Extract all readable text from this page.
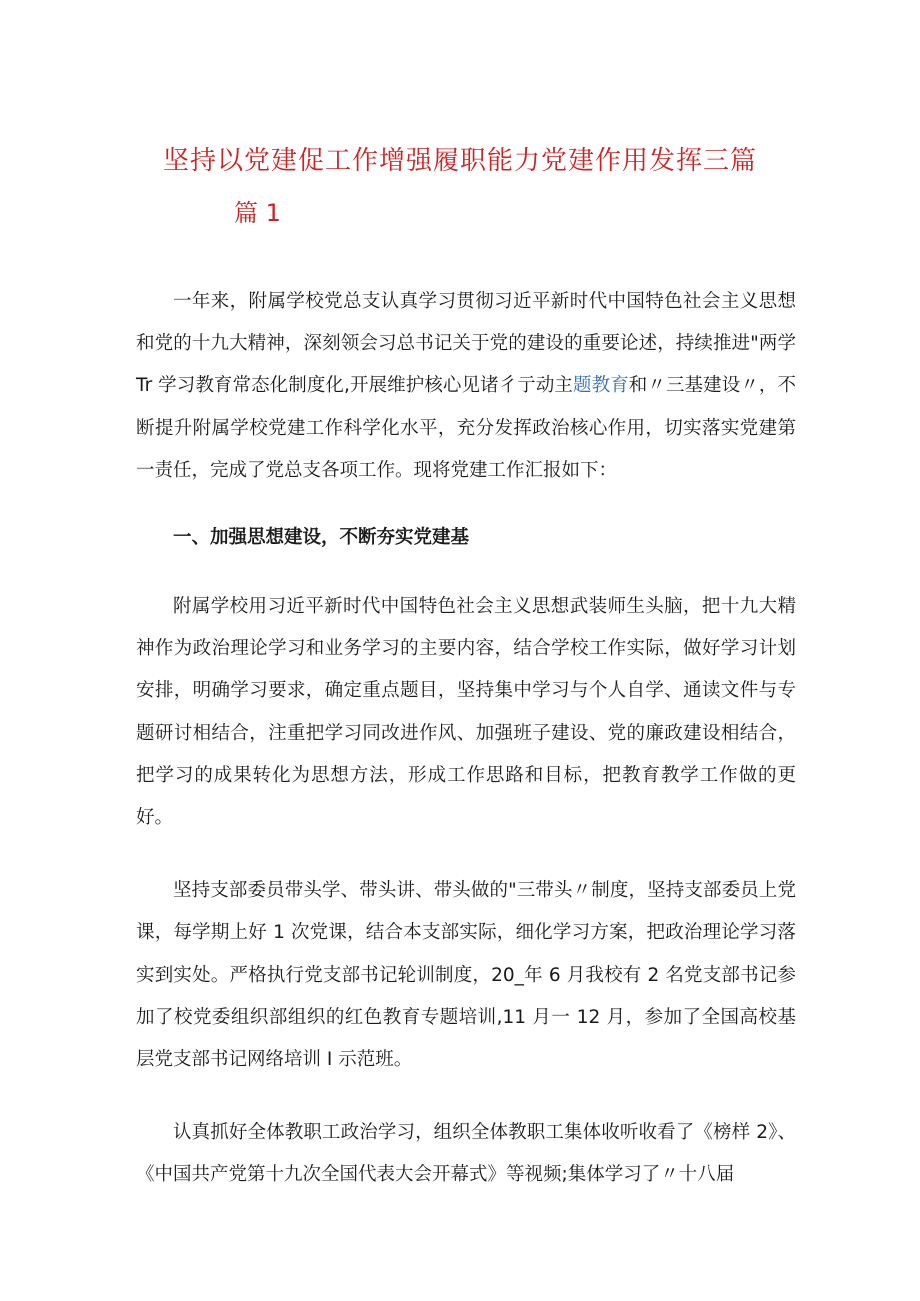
坚持以党建促工作增强履职能力党建作用发挥三篇
篇 1

一年来，附属学校党总支认真学习贯彻习近平新时代中国特色社会主义思想和党的十九大精神，深刻领会习总书记关于党的建设的重要论述，持续推进"两学 Tr 学习教育常态化制度化,开展维护核心见诸彳亍动主题教育和〃三基建设〃，不断提升附属学校党建工作科学化水平，充分发挥政治核心作用，切实落实党建第一责任，完成了党总支各项工作。现将党建工作汇报如下：

一、加强思想建设，不断夯实党建基

附属学校用习近平新时代中国特色社会主义思想武装师生头脑，把十九大精神作为政治理论学习和业务学习的主要内容，结合学校工作实际，做好学习计划安排，明确学习要求，确定重点题目，坚持集中学习与个人自学、通读文件与专题研讨相结合，注重把学习同改进作风、加强班子建设、党的廉政建设相结合，把学习的成果转化为思想方法，形成工作思路和目标，把教育教学工作做的更好。

坚持支部委员带头学、带头讲、带头做的"三带头〃制度，坚持支部委员上党课，每学期上好 1 次党课，结合本支部实际，细化学习方案，把政治理论学习落实到实处。严格执行党支部书记轮训制度，20_年 6 月我校有 2 名党支部书记参加了校党委组织部组织的红色教育专题培训,11 月一 12 月，参加了全国高校基层党支部书记网络培训 I 示范班。

认真抓好全体教职工政治学习，组织全体教职工集体收听收看了《榜样 2》、《中国共产党第十九次全国代表大会开幕式》等视频;集体学习了〃十八届
